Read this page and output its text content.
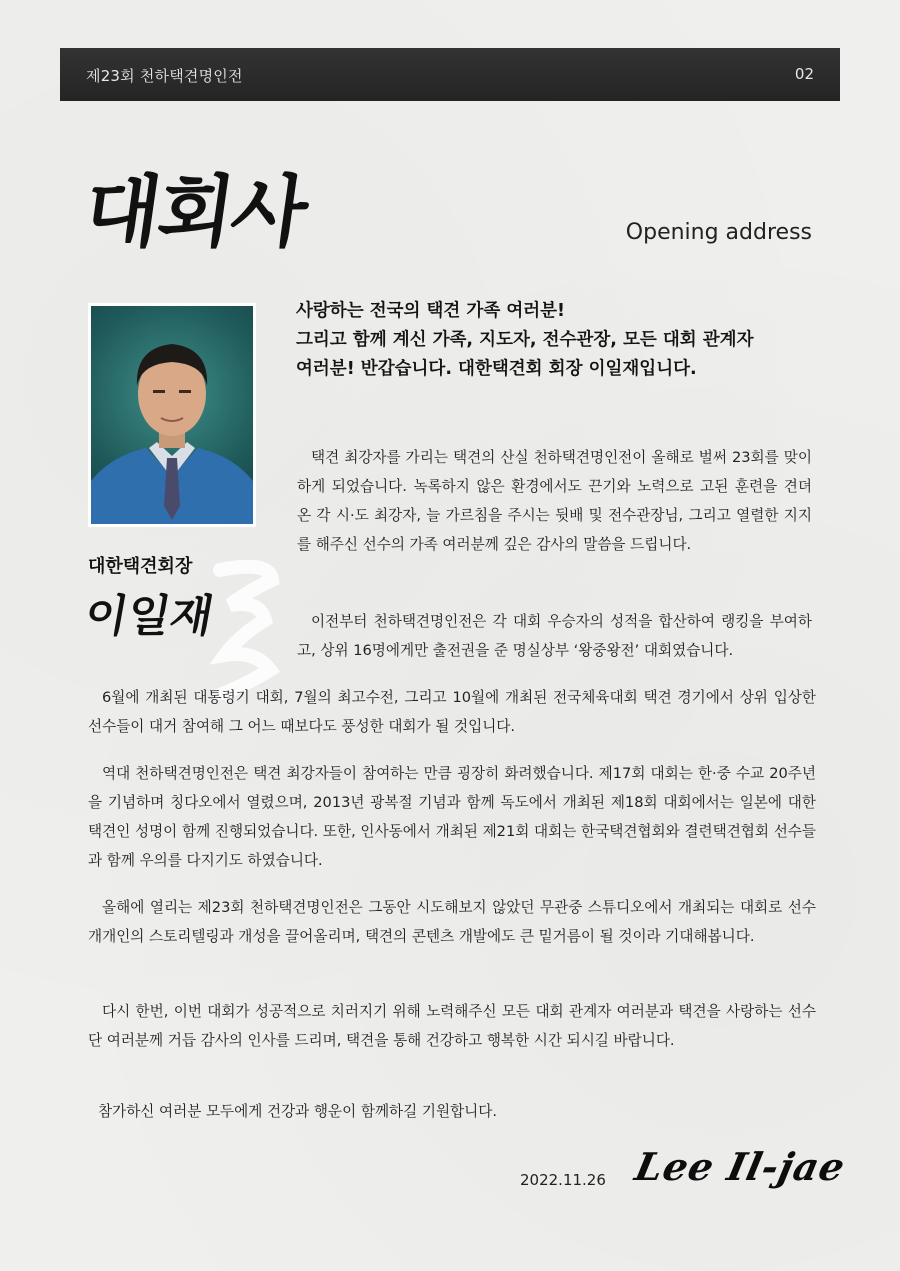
제23회 천하택견명인전	02
대회사	Opening address
대한택견회장
이일재
사랑하는 전국의 택견 가족 여러분!
그리고 함께 계신 가족, 지도자, 전수관장, 모든 대회 관계자
여러분! 반갑습니다. 대한택견회 회장 이일재입니다.
택견 최강자를 가리는 택견의 산실 천하택견명인전이 올해로 벌써 23회를 맞이하게 되었습니다. 녹록하지 않은 환경에서도 끈기와 노력으로 고된 훈련을 견뎌 온 각 시·도 최강자, 늘 가르침을 주시는 뒷배 및 전수관장님, 그리고 열렬한 지지를 해주신 선수의 가족 여러분께 깊은 감사의 말씀을 드립니다.
이전부터 천하택견명인전은 각 대회 우승자의 성적을 합산하여 랭킹을 부여하고, 상위 16명에게만 출전권을 준 명실상부 ‘왕중왕전’ 대회였습니다.
6월에 개최된 대통령기 대회, 7월의 최고수전, 그리고 10월에 개최된 전국체육대회 택견 경기에서 상위 입상한 선수들이 대거 참여해 그 어느 때보다도 풍성한 대회가 될 것입니다.
역대 천하택견명인전은 택견 최강자들이 참여하는 만큼 굉장히 화려했습니다. 제17회 대회는 한·중 수교 20주년을 기념하며 칭다오에서 열렸으며, 2013년 광복절 기념과 함께 독도에서 개최된 제18회 대회에서는 일본에 대한 택견인 성명이 함께 진행되었습니다. 또한, 인사동에서 개최된 제21회 대회는 한국택견협회와 결련택견협회 선수들과 함께 우의를 다지기도 하였습니다.
올해에 열리는 제23회 천하택견명인전은 그동안 시도해보지 않았던 무관중 스튜디오에서 개최되는 대회로 선수 개개인의 스토리텔링과 개성을 끌어올리며, 택견의 콘텐츠 개발에도 큰 밑거름이 될 것이라 기대해봅니다.
다시 한번, 이번 대회가 성공적으로 치러지기 위해 노력해주신 모든 대회 관계자 여러분과 택견을 사랑하는 선수단 여러분께 거듭 감사의 인사를 드리며, 택견을 통해 건강하고 행복한 시간 되시길 바랍니다.
참가하신 여러분 모두에게 건강과 행운이 함께하길 기원합니다.
2022.11.26 Lee Il-jae
